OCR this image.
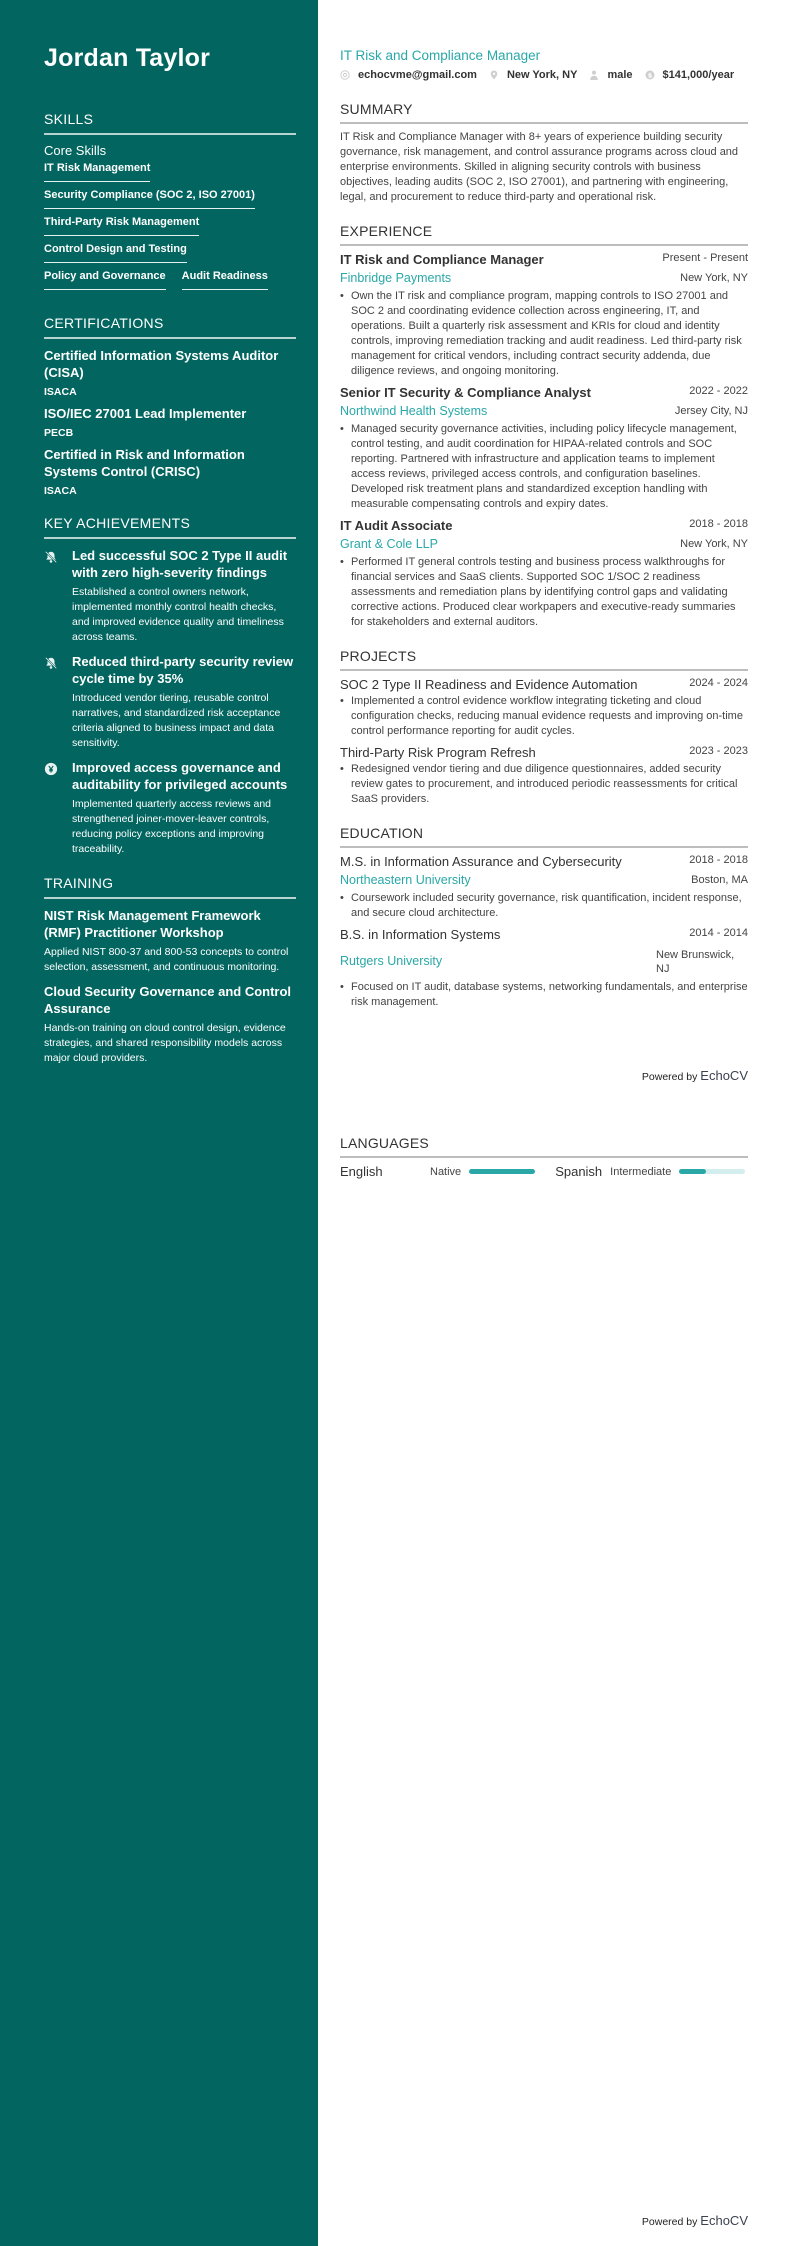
Jordan Taylor
SKILLS
Core Skills
IT Risk Management
Security Compliance (SOC 2, ISO 27001)
Third-Party Risk Management
Control Design and Testing
Policy and Governance Audit Readiness
CERTIFICATIONS
Certified Information Systems Auditor (CISA)
ISACA
ISO/IEC 27001 Lead Implementer
PECB
Certified in Risk and Information Systems Control (CRISC)
ISACA
KEY ACHIEVEMENTS
Led successful SOC 2 Type II audit with zero high-severity findings
Established a control owners network, implemented monthly control health checks, and improved evidence quality and timeliness across teams.
Reduced third-party security review cycle time by 35%
Introduced vendor tiering, reusable control narratives, and standardized risk acceptance criteria aligned to business impact and data sensitivity.
Improved access governance and auditability for privileged accounts
Implemented quarterly access reviews and strengthened joiner-mover-leaver controls, reducing policy exceptions and improving traceability.
TRAINING
NIST Risk Management Framework (RMF) Practitioner Workshop
Applied NIST 800-37 and 800-53 concepts to control selection, assessment, and continuous monitoring.
Cloud Security Governance and Control Assurance
Hands-on training on cloud control design, evidence strategies, and shared responsibility models across major cloud providers.
IT Risk and Compliance Manager
echocvme@gmail.com	New York, NY	male $ $141,000/year
SUMMARY

IT Risk and Compliance Manager with 8+ years of experience building security governance, risk management, and control assurance programs across cloud and enterprise environments. Skilled in aligning security controls with business objectives, leading audits (SOC 2, ISO 27001), and partnering with engineering, legal, and procurement to reduce third-party and operational risk.

EXPERIENCE
IT Risk and Compliance Manager	Present - Present
Finbridge Payments	New York, NY
• Own the IT risk and compliance program, mapping controls to ISO 27001 and SOC 2 and coordinating evidence collection across engineering, IT, and operations. Built a quarterly risk assessment and KRIs for cloud and identity controls, improving remediation tracking and audit readiness. Led third-party risk management for critical vendors, including contract security addenda, due diligence reviews, and ongoing monitoring.
Senior IT Security & Compliance Analyst	2022 - 2022
Northwind Health Systems	Jersey City, NJ
• Managed security governance activities, including policy lifecycle management, control testing, and audit coordination for HIPAA-related controls and SOC reporting. Partnered with infrastructure and application teams to implement access reviews, privileged access controls, and configuration baselines. Developed risk treatment plans and standardized exception handling with measurable compensating controls and expiry dates.
IT Audit Associate	2018 - 2018
Grant & Cole LLP	New York, NY
• Performed IT general controls testing and business process walkthroughs for financial services and SaaS clients. Supported SOC 1/SOC 2 readiness assessments and remediation plans by identifying control gaps and validating corrective actions. Produced clear workpapers and executive-ready summaries for stakeholders and external auditors.
PROJECTS
SOC 2 Type II Readiness and Evidence Automation	2024 - 2024
• Implemented a control evidence workflow integrating ticketing and cloud configuration checks, reducing manual evidence requests and improving on-time control performance reporting for audit cycles.
Third-Party Risk Program Refresh	2023 - 2023
• Redesigned vendor tiering and due diligence questionnaires, added security review gates to procurement, and introduced periodic reassessments for critical SaaS providers.
EDUCATION
M.S. in Information Assurance and Cybersecurity	2018 - 2018
Northeastern University	Boston, MA
• Coursework included security governance, risk quantification, incident response, and secure cloud architecture.
B.S. in Information Systems	2014 - 2014
Rutgers University	New Brunswick, NJ
• Focused on IT audit, database systems, networking fundamentals, and enterprise risk management.
Powered by EchoCV
LANGUAGES
English	Native	Spanish Intermediate
Powered by EchoCV
